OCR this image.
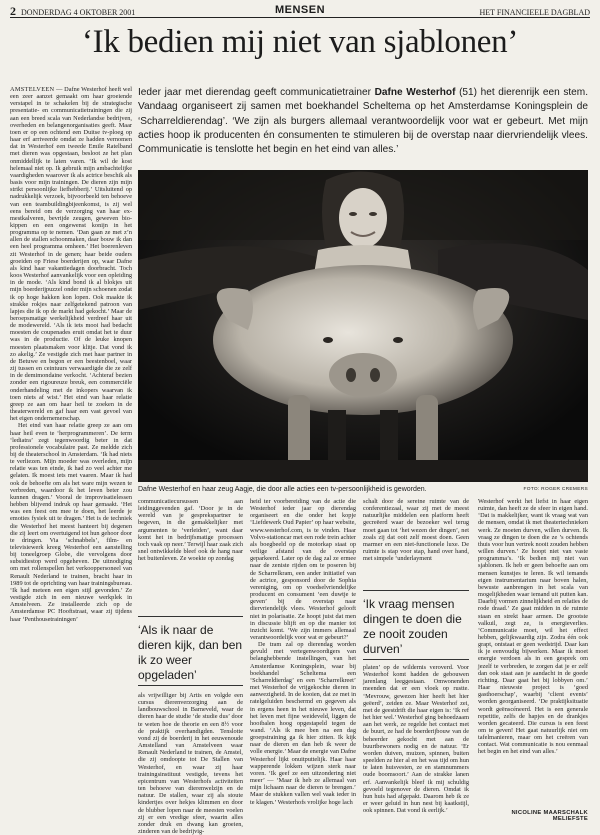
2 DONDERDAG 4 OKTOBER 2001	MENSEN	HET FINANCIEELE DAGBLAD
‘Ik bedien mij niet van sjablonen’

AMSTELVEEN — Dafne Westerhof heeft wel een zeer aanzet gemaakt om haar groeiende verstapel in te schakelen bij de strategische presentatie- en communicatietrainingen die zij aan een breed scala van Nederlandse bedrijven, overheden en belangenorganisaties geeft. Maar toen er op een ochtend een Duitse tv-ploeg op haar erf arriveerde omdat ze hadden vernomen dat in Westerhof een tweede Emile Ratelband met dieren was opgestaan, besloot ze het plan onmiddellijk te laten varen. ‘Ik wil de kost helemaal niet op. Ik gebruik mijn ambachtelijke vaardigheden waarover ik als actrice beschik als basis voor mijn trainingen. De dieren zijn mijn strikt persoonlijke liefhebberij.’ Uitsluitend op nadrukkelijk verzoek, bijvoorbeeld ten behoeve van een teambuildingbijeenkomst, is zij wel eens bereid om de verzorging van haar ex-mestkalveren, bevrijde zeugen, geweven bio-kippen en een ongewenst konijn in het programma op te nemen. ‘Dan gaan ze met z’n allen de stallen schoonmaken, daar bouw ik dan een heel programma omheen.’ Het boerenleven zit Westerhof in de genen; haar beide ouders groeiden op Friese boerderijen op, waar Dafne als kind haar vakantiedagen doorbracht. Toch koos Westerhof aanvankelijk voor een opleiding in de mode. ‘Als kind bond ik al blokjes uit mijn boerderijpuzzel onder mijn schoenen zodat ik op hoge hakken kon lopen. Ook maakte ik strakke rokjes naar zelfgetekend patroon van lapjes die ik op de markt had gekocht.’ Maar de beroepsmatige werkelijkheid verdreef haar uit de modewereld. ‘Als ik iets mooi had bedacht moesten de coupenades eruit omdat het te duur was in de productie. Of de leuke knopen moesten plaatsmaken voor klitje. Dat vond ik zo akelig.’ Ze vestigde zich met haar partner in de Betuwe en begon er een beestenboel, waar zij tussen en ceintuurs verwaardigde die ze zelf in de demimondaine verkocht. ‘Achteraf bezien zonder een rigoureuze breuk, een commerciële onderhandeling met de inkopers waarvan ik toen niets af wist.’ Het eind van haar relatie greep ze aan om haar heil te zoeken in de theaterwereld en gaf haar een vast gevoel van het eigen ondernemerschap.

Het eind van haar relatie greep ze aan om haar heil even te ‘herprogrammeren’. De term ‘lediatra’ zegt tegenwoordig beter in dat professionele vocabulaire past. Ze meldde zich bij de theaterschool in Amsterdam. ‘Ik had niets te verliezen. Mijn moeder was overleden, mijn relatie was ten einde, ik had zo veel achter me gelaten. Ik moest iets met vaaren. Maar ik had ook de behoefte om als het ware mijn wezen te verbreden, waardoor ik het leven beter zou kunnen dragen.’ Vooral de improvisatielessen hebben blijvend indruk op haar gemaakt. ‘Het was een feest om mee te doen, het leerde je emoties fysiek uit te dragen.’ Het is de techniek die Westerhof het meest hanteert bij degenen die zij leert om overtuigend tot hun gehoor door te dringen. Via ‘schnabbels’, film- en televisiewerk kreeg Westerhof een aanstelling bij toneelgroep Globe, die vervolgens door subsidiestop werd opgeheven. De uitnodiging om met rollenspellen het verkooppersoneel van Renault Nederland te trainen, bracht haar in 1989 tot de oprichting van haar trainingsbureau. ‘Ik had meteen een eigen stijl gevonden.’ Ze vestigde zich in een nieuwe werkplek in Amstelveen. Ze installeerde zich op de Amsterdamse PC Hooftstraat, waar zij tijdens haar ‘Penthousetrainingen’

Ieder jaar met dierendag geeft communicatietrainer Dafne Westerhof (51) het dierenrijk een stem. Vandaag organiseert zij samen met boekhandel Scheltema op het Amsterdamse Koningsplein de ‘Scharreldierendag’. ‘We zijn als burgers allemaal verantwoordelijk voor wat er gebeurt. Met mijn acties hoop ik producenten én consumenten te stimuleren bij de overstap naar diervriendelijk vlees. Communicatie is tenslotte het begin en het eind van alles.’
Dafne Westerhof en haar zeug Aagje, die door alle acties een tv-persoonlijkheid is geworden.	FOTO: ROGER CREMERS

communicatiecursussen aan leidinggevenden gaf. ‘Door je in de wereld van je gesprekspartner te begeven, in die gemakkelijker met argumenten te ‘verleiden’, want daar komt het in bedrijfsmatige processen toch vaak op neer.’ Terwijl haar zaak zich snel ontwikkelde bleef ook de hang naar het buitenleven. Ze woekte op zondag

‘Als ik naar de dieren kijk, dan ben ik zo weer opgeladen’

als vrijwilliger bij Artis en volgde een cursus dierenverzorging aan de landbouwschool in Barneveld, waar de dieren haar de studie ‘de studie dus’ door te weten hoe de theorie en een 8½ voor de praktijk overhandigden. Tenslotte vond zij de boerderij in het eeuwenoude Amstelland van Amstelveen waar Renault Nederland te trainen, de Amstel, die zij omdoopte tot De Stallen van Westerhof, en waar zij haar trainingsinstituut vestigde, tevens het epicentrum van Westerhofs activiteiten ten behoeve van dierenwelzijn en de natuur. De stallen, waar zij als stoute kindertjes over hekjes klimmen en door de blubber lopen naar de meesten voelen zij er een vredige sfeer, waarin alles zonder druk en dwang kan groeien, zinderen van de bedrijvig-

heid ter voorbereiding van de actie die Westerhof ieder jaar op dierendag organiseert en die onder het kopje ‘Liefdewerk Oud Papier’ op haar website, www.westerhof.com, is te vinden. Haar Volvo-stationcar met een rode trein achter als boegbeeld op de motorkap staat op veilige afstand van de overstap geparkeerd. Later op de dag zal ze ermee naar de zeniste rijden om te poseren bij de Scharrelkram, een ander initiatief van de actrice, gesponsord door de Sophia vereniging, om op voedselvriendelijke producent en consument ‘een duwtje te geven’ bij de overstap naar diervriendelijk vlees. Westerhof gelooft niet in polarisatie. Ze hoopt juist dat men in discussie blijft en op die manier tot inzicht komt. ‘We zijn immers allemaal verantwoordelijk voor wat er gebeurt?’

De tram zal op dierendag worden gevuld met vertegenwoordigers van belanghebbende instellingen, van het Amsterdamse Koningsplein, waar bij boekhandel Scheltema een ‘Scharreldierdag’ en een ‘Scharrelkreet’ met Westerhof de vrijgekochte dieren in aanwezigheid. In de kooien, dat ze met in ratelgeluiden beschermd en gegeven als in ergens heen in het nieuwe leven, dat het leven met fijne weideveld, liggen de hooibalen hoog opgestapeld tegen de wand. ‘Als ik mee ben na een dag groepstraining ga ik hier zitten. Ik kijk naar de dieren en dan heb ik weer de volle energie.’ Maar de energie van Dafne Westerhof lijkt onuitputtelijk. Haar haar wapperende lokken wijzen sterk naar voren. ‘Ik geef ze een uitzondering niet meer’ — ‘Maar ik heb ze allemaal van mijn lichaam naar de dieren te brengen.’ Maar de stukken vallen wel vaak ieder in te klagen.’ Westerhofs vrolijke hoge lach

schalt door de sereine ruimte van de conferentiezaal, waar zij met de meest natuurlijke middelen een platform heeft gecreëerd waar de bezoeker wel terug moet gaan tot ‘het wezen der dingen’, net zoals zij dat ooit zelf moest doen. Geen marmer en een niet-functionele luxe. De ruimte is stap voor stap, hand over hand, met simpele ‘underlayment

‘Ik vraag mensen dingen te doen die ze nooit zouden durven’

platen’ op de wildernis veroverd. Voor Westerhof komt hadden de gebouwen jarenlang leeggestaan. Omwonenden meenden dat er een vloek op rustte. ‘Mevrouw, gewezen hier heeft het hier geëerd’, zeiden ze. Maar Westerhof zei, met de geestdrift die haar eigen is: ‘Ik ref het hier wel.’ Westerhof ging behoedzaam aan het werk, ze regelde het contact met de buurt, ze had de boerderijbouw van de beheerder gekocht met aan de buurtbewoners nodig en de natuur. ‘Er worden duiven, muizen, spinnen, buiten speelden ze hier al en het was tijd om hun te laten huisvesten, ze en stamnummers oude boomsoort.’ Aan de strakke lanen erf. Aanvankelijk bleef ik mij schuldig gevoeld tegenover de dieren. Omdat ik hun huis had afgepakt. Daarom heb ik ze er weer geluid in hun nest bij kaatkstijl, ook spinnen. Dat vond ik eerlijk.’

Westerhof werkt het liefst in haar eigen ruimte, dan heeft ze de sfeer in eigen hand. ‘Dat is makkelijker, want ik vraag wat van de mensen, omdat ik met theatertechnieken werk. Ze moeten durven, willen durven. Ik vraag ze dingen te doen die ze ’s ochtends thuis voor hun vertrek nooit zouden hebben willen durven.’ Ze hoopt niet van vaste programma’s. ‘Ik bedien mij niet van sjablonen. Ik heb er geen behoefte aan om mensen kunstjes te leren. Ik wil iemands eigen instrumentarium naar boven halen, bewuste aanbrengen in het scala van mogelijkheden waar iemand uit putten kan. Daarbij vormen zinnelijkheid en relaties de rode draad.’ Ze gaat midden in de ruimte staan en strekt haar armen. De grootste valkuil, zegt ze, is energieverlies. ‘Communicatie moet, wil het effect hebben, gelijkwaardig zijn. Zodra één ook grapt, ontstaat er geen wedstrijd. Daar kan ik je eenvoudig bijwerken. Maar ik moet energie verdoen als in een gesprek om jezelf te verbreden, te zorgen dat je er zelf dan ook staat aan je aandacht in de goede richting. Daar gaat het bij lobbyen om.’ Haar nieuwste project is ‘goed gasthoerschap’, waarbij ‘client events’ worden georganiseerd. ‘De praktijksituatie wordt geënscéneerd. Het is een generale repetitie, zelfs de hapjes en de drankjes worden gecateerd. Die cursus is een feest om te geven! Het gaat natuurlijk niet om tafelmanieren, maar om het creëren van contact. Wat communicatie is nou eenmaal het begin en het eind van alles.’

NICOLINE MAARSCHALK MELIEFSTE
